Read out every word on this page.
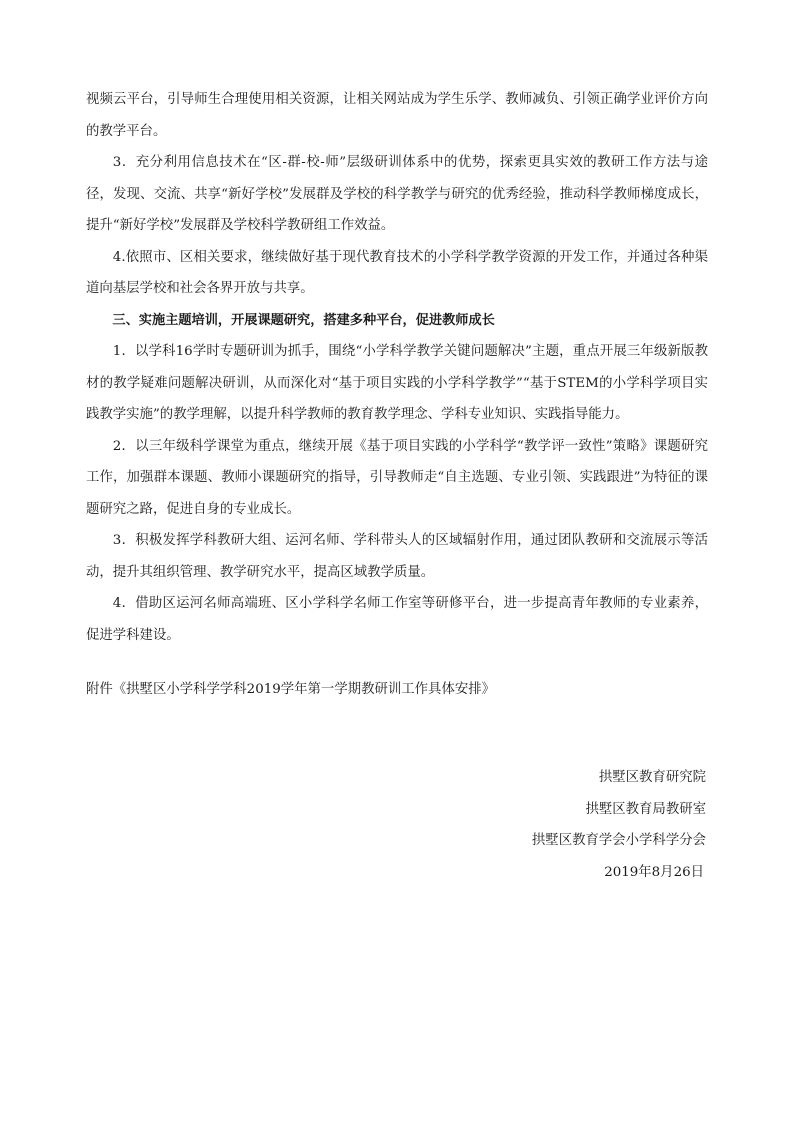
视频云平台，引导师生合理使用相关资源，让相关网站成为学生乐学、教师减负、引领正确学业评价方向的教学平台。

3．充分利用信息技术在“区-群-校-师”层级研训体系中的优势，探索更具实效的教研工作方法与途径，发现、交流、共享“新好学校”发展群及学校的科学教学与研究的优秀经验，推动科学教师梯度成长，提升“新好学校”发展群及学校科学教研组工作效益。

4.依照市、区相关要求，继续做好基于现代教育技术的小学科学教学资源的开发工作，并通过各种渠道向基层学校和社会各界开放与共享。

三、实施主题培训，开展课题研究，搭建多种平台，促进教师成长

1．以学科16学时专题研训为抓手，围绕“小学科学教学关键问题解决”主题，重点开展三年级新版教材的教学疑难问题解决研训，从而深化对“基于项目实践的小学科学教学”“基于STEM的小学科学项目实践教学实施”的教学理解，以提升科学教师的教育教学理念、学科专业知识、实践指导能力。

2．以三年级科学课堂为重点，继续开展《基于项目实践的小学科学“教学评一致性”策略》课题研究工作，加强群本课题、教师小课题研究的指导，引导教师走“自主选题、专业引领、实践跟进”为特征的课题研究之路，促进自身的专业成长。

3．积极发挥学科教研大组、运河名师、学科带头人的区域辐射作用，通过团队教研和交流展示等活动，提升其组织管理、教学研究水平，提高区域教学质量。

4．借助区运河名师高端班、区小学科学名师工作室等研修平台，进一步提高青年教师的专业素养，促进学科建设。

附件《拱墅区小学科学学科2019学年第一学期教研训工作具体安排》

拱墅区教育研究院
拱墅区教育局教研室
拱墅区教育学会小学科学分会
2019年8月26日
